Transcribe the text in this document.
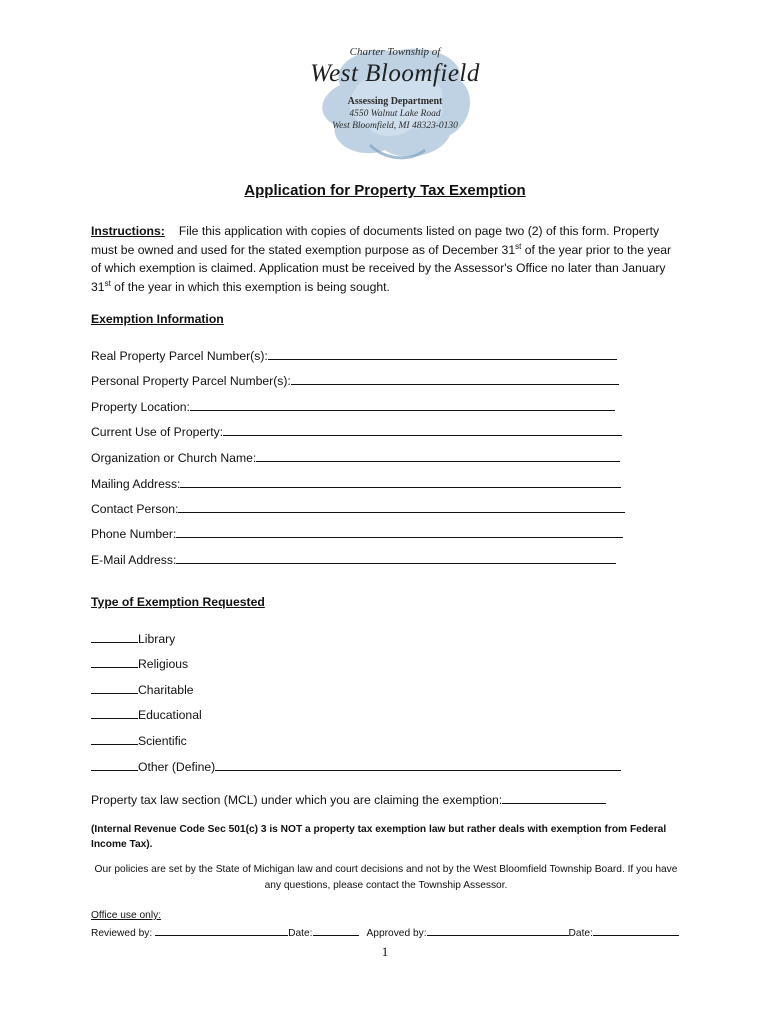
Charter Township of
West Bloomfield
Assessing Department
4550 Walnut Lake Road
West Bloomfield, MI 48323-0130
Application for Property Tax Exemption
Instructions: File this application with copies of documents listed on page two (2) of this form. Property must be owned and used for the stated exemption purpose as of December 31st of the year prior to the year of which exemption is claimed. Application must be received by the Assessor's Office no later than January 31st of the year in which this exemption is being sought.
Exemption Information
Real Property Parcel Number(s):
Personal Property Parcel Number(s):
Property Location:
Current Use of Property:
Organization or Church Name:
Mailing Address:
Contact Person:
Phone Number:
E-Mail Address:
Type of Exemption Requested
Library
Religious
Charitable
Educational
Scientific
Other (Define)
Property tax law section (MCL) under which you are claiming the exemption:
(Internal Revenue Code Sec 501(c) 3 is NOT a property tax exemption law but rather deals with exemption from Federal Income Tax).
Our policies are set by the State of Michigan law and court decisions and not by the West Bloomfield Township Board. If you have any questions, please contact the Township Assessor.
Office use only:
Reviewed by:	Date:	Approved by:	Date:
1
